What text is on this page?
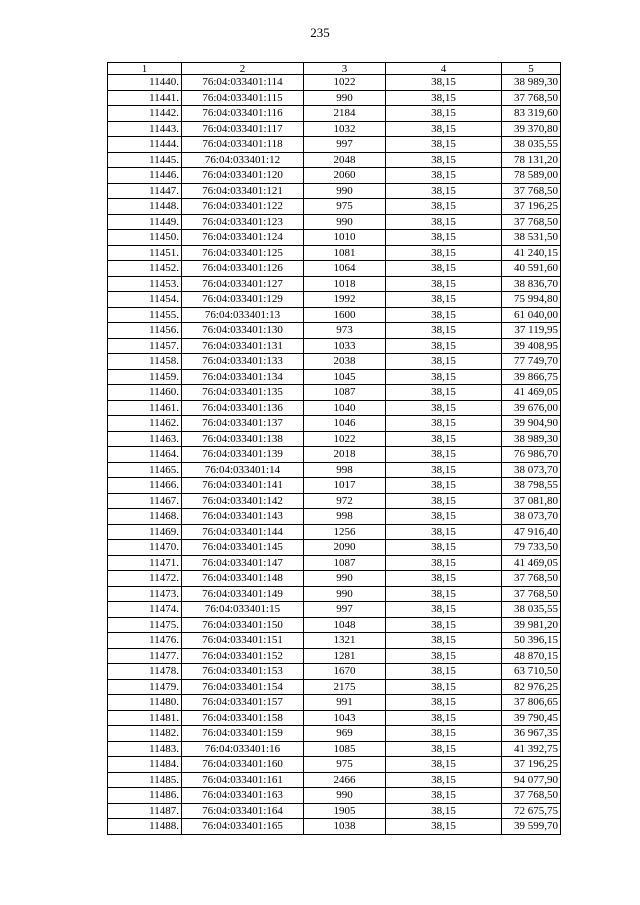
235
1	2	3	4	5
11440.	76:04:033401:114	1022	38,15	38 989,30
11441.	76:04:033401:115	990	38,15	37 768,50
11442.	76:04:033401:116	2184	38,15	83 319,60
11443.	76:04:033401:117	1032	38,15	39 370,80
11444.	76:04:033401:118	997	38,15	38 035,55
11445.	76:04:033401:12	2048	38,15	78 131,20
11446.	76:04:033401:120	2060	38,15	78 589,00
11447.	76:04:033401:121	990	38,15	37 768,50
11448.	76:04:033401:122	975	38,15	37 196,25
11449.	76:04:033401:123	990	38,15	37 768,50
11450.	76:04:033401:124	1010	38,15	38 531,50
11451.	76:04:033401:125	1081	38,15	41 240,15
11452.	76:04:033401:126	1064	38,15	40 591,60
11453.	76:04:033401:127	1018	38,15	38 836,70
11454.	76:04:033401:129	1992	38,15	75 994,80
11455.	76:04:033401:13	1600	38,15	61 040,00
11456.	76:04:033401:130	973	38,15	37 119,95
11457.	76:04:033401:131	1033	38,15	39 408,95
11458.	76:04:033401:133	2038	38,15	77 749,70
11459.	76:04:033401:134	1045	38,15	39 866,75
11460.	76:04:033401:135	1087	38,15	41 469,05
11461.	76:04:033401:136	1040	38,15	39 676,00
11462.	76:04:033401:137	1046	38,15	39 904,90
11463.	76:04:033401:138	1022	38,15	38 989,30
11464.	76:04:033401:139	2018	38,15	76 986,70
11465.	76:04:033401:14	998	38,15	38 073,70
11466.	76:04:033401:141	1017	38,15	38 798,55
11467.	76:04:033401:142	972	38,15	37 081,80
11468.	76:04:033401:143	998	38,15	38 073,70
11469.	76:04:033401:144	1256	38,15	47 916,40
11470.	76:04:033401:145	2090	38,15	79 733,50
11471.	76:04:033401:147	1087	38,15	41 469,05
11472.	76:04:033401:148	990	38,15	37 768,50
11473.	76:04:033401:149	990	38,15	37 768,50
11474.	76:04:033401:15	997	38,15	38 035,55
11475.	76:04:033401:150	1048	38,15	39 981,20
11476.	76:04:033401:151	1321	38,15	50 396,15
11477.	76:04:033401:152	1281	38,15	48 870,15
11478.	76:04:033401:153	1670	38,15	63 710,50
11479.	76:04:033401:154	2175	38,15	82 976,25
11480.	76:04:033401:157	991	38,15	37 806,65
11481.	76:04:033401:158	1043	38,15	39 790,45
11482.	76:04:033401:159	969	38,15	36 967,35
11483.	76:04:033401:16	1085	38,15	41 392,75
11484.	76:04:033401:160	975	38,15	37 196,25
11485.	76:04:033401:161	2466	38,15	94 077,90
11486.	76:04:033401:163	990	38,15	37 768,50
11487.	76:04:033401:164	1905	38,15	72 675,75
11488.	76:04:033401:165	1038	38,15	39 599,70
